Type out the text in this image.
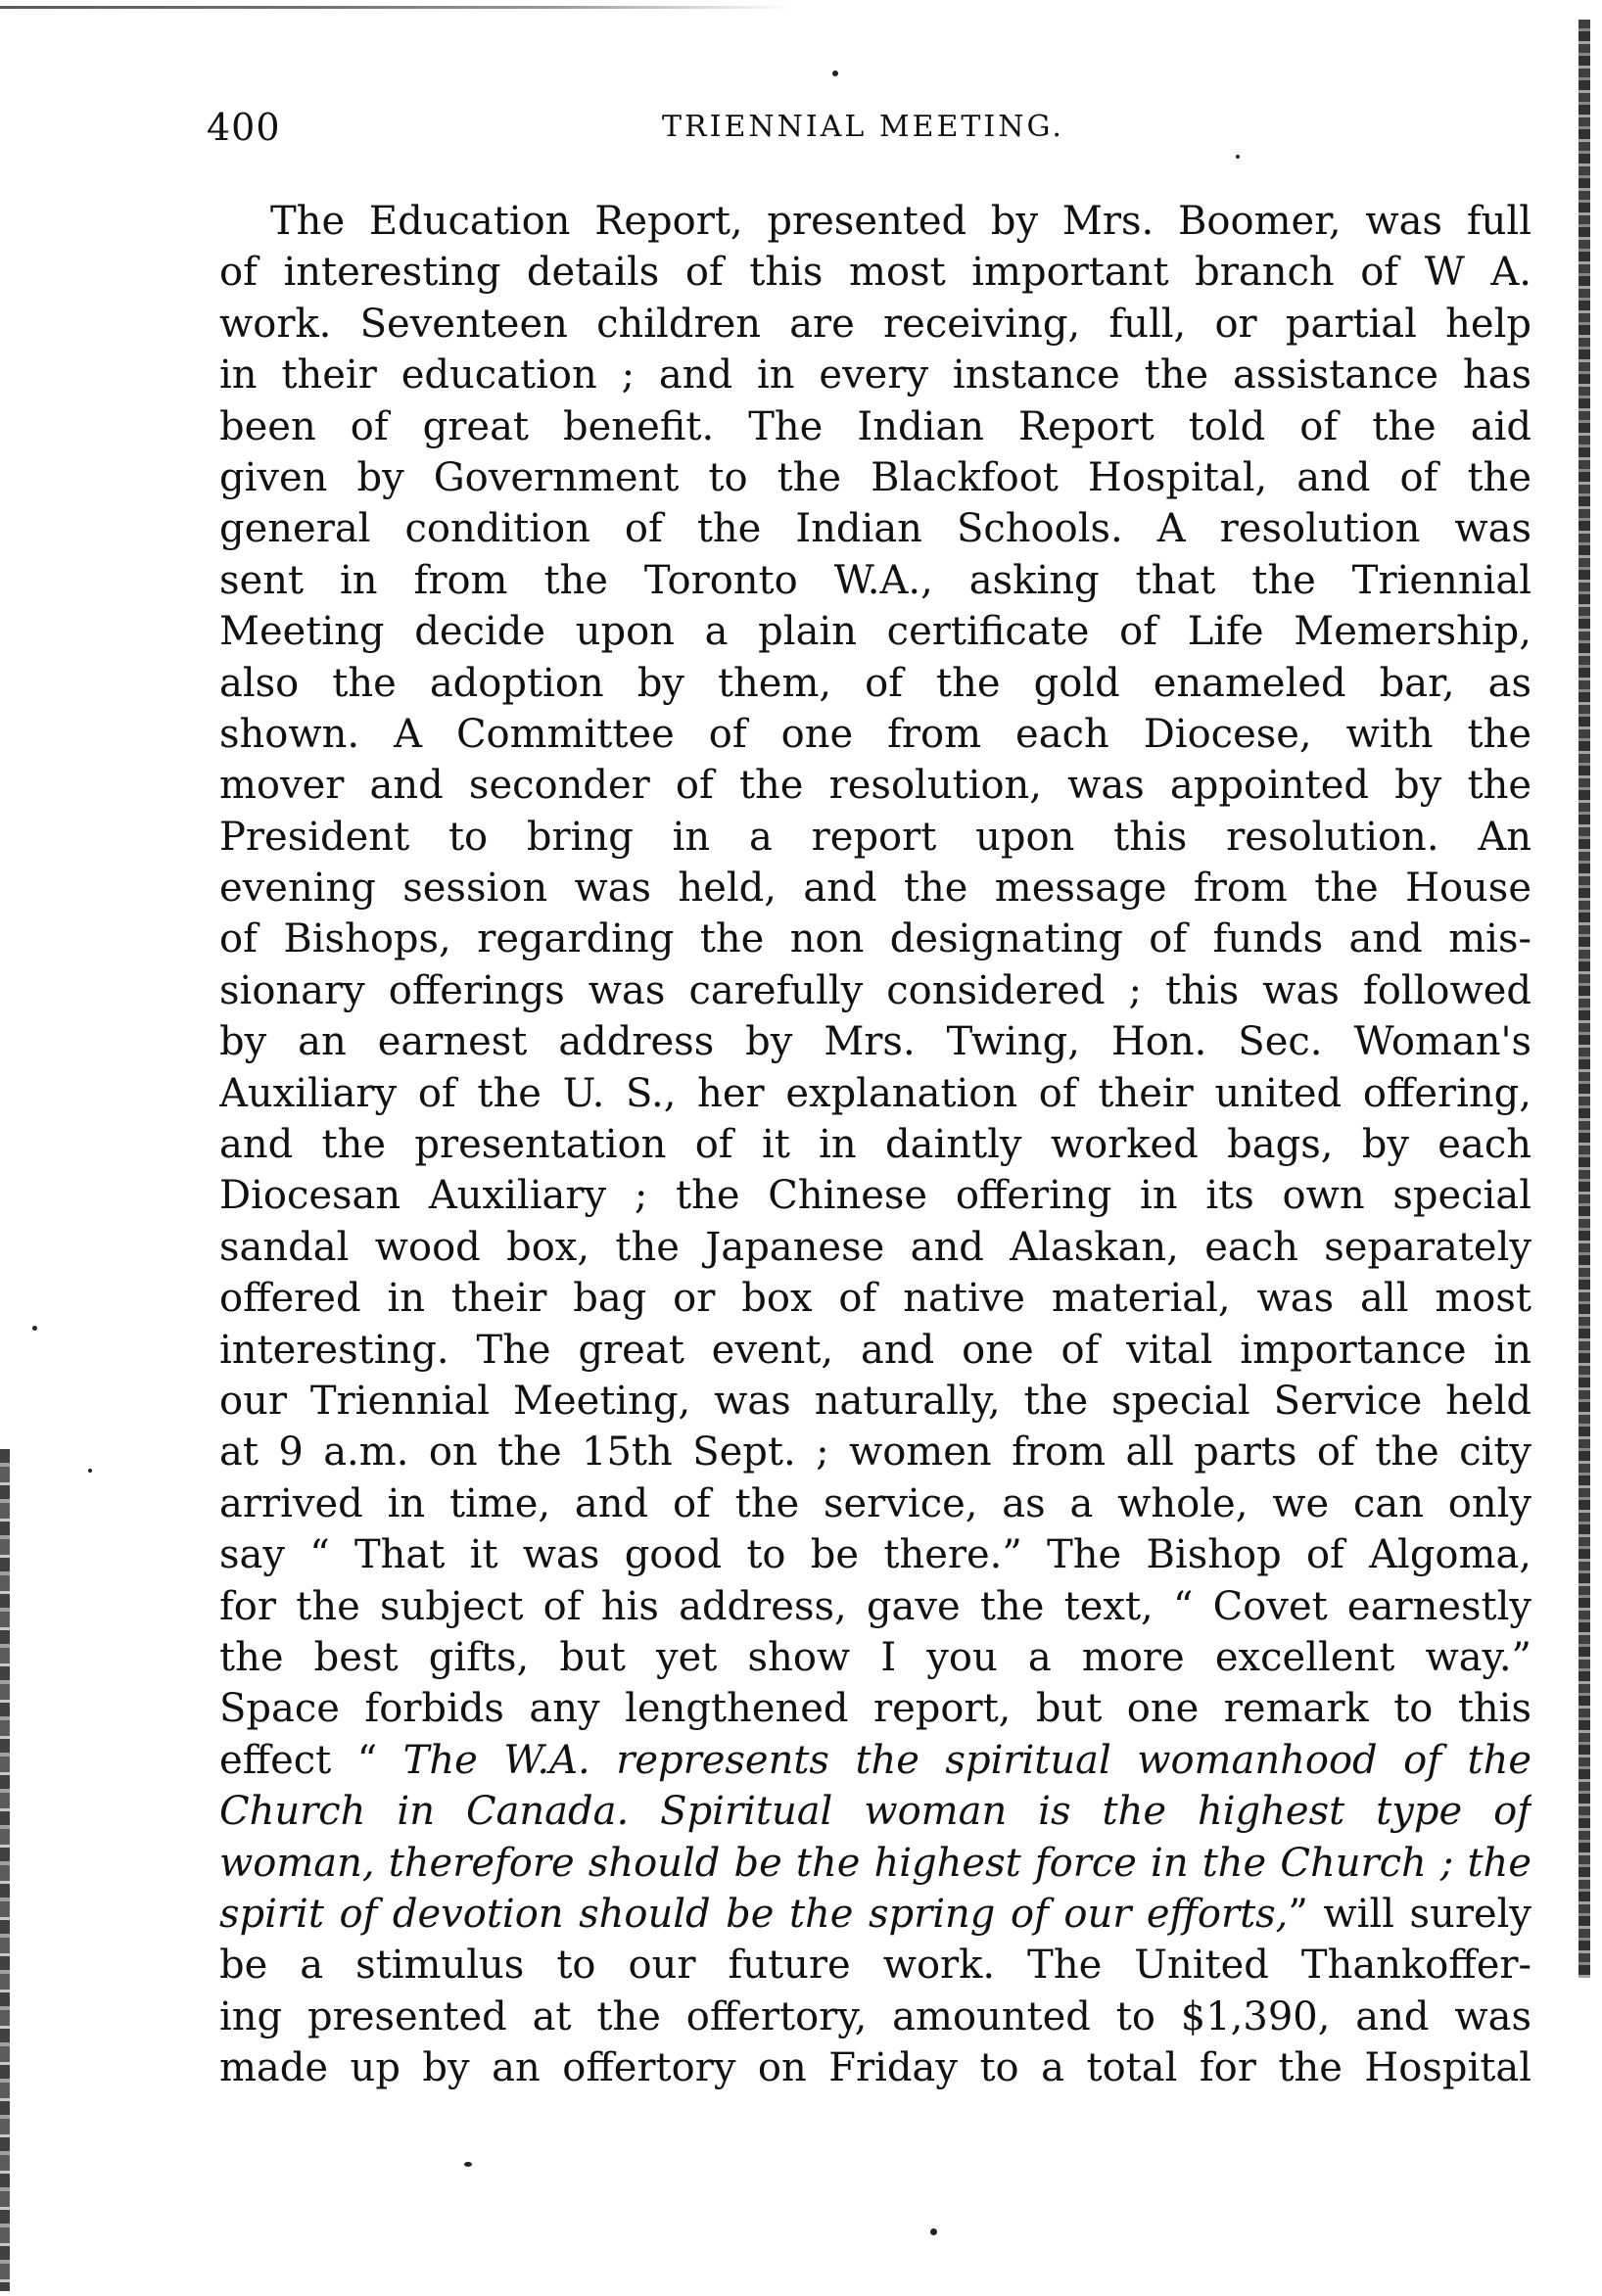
400	TRIENNIAL MEETING.
The Education Report, presented by Mrs. Boomer, was full
of interesting details of this most important branch of W A.
work. Seventeen children are receiving, full, or partial help
in their education ; and in every instance the assistance has
been of great benefit. The Indian Report told of the aid
given by Government to the Blackfoot Hospital, and of the
general condition of the Indian Schools. A resolution was
sent in from the Toronto W.A., asking that the Triennial
Meeting decide upon a plain certificate of Life Memership,
also the adoption by them, of the gold enameled bar, as
shown. A Committee of one from each Diocese, with the
mover and seconder of the resolution, was appointed by the
President to bring in a report upon this resolution. An
evening session was held, and the message from the House
of Bishops, regarding the non designating of funds and mis-
sionary offerings was carefully considered ; this was followed
by an earnest address by Mrs. Twing, Hon. Sec. Woman's
Auxiliary of the U. S., her explanation of their united offering,
and the presentation of it in daintly worked bags, by each
Diocesan Auxiliary ; the Chinese offering in its own special
sandal wood box, the Japanese and Alaskan, each separately
offered in their bag or box of native material, was all most
interesting. The great event, and one of vital importance in
our Triennial Meeting, was naturally, the special Service held
at 9 a.m. on the 15th Sept. ; women from all parts of the city
arrived in time, and of the service, as a whole, we can only
say “ That it was good to be there.” The Bishop of Algoma,
for the subject of his address, gave the text, “ Covet earnestly
the best gifts, but yet show I you a more excellent way.”
Space forbids any lengthened report, but one remark to this
effect “ The W.A. represents the spiritual womanhood of the
Church in Canada. Spiritual woman is the highest type of
woman, therefore should be the highest force in the Church ; the
spirit of devotion should be the spring of our efforts,” will surely
be a stimulus to our future work. The United Thankoffer-
ing presented at the offertory, amounted to $1,390, and was
made up by an offertory on Friday to a total for the Hospital
